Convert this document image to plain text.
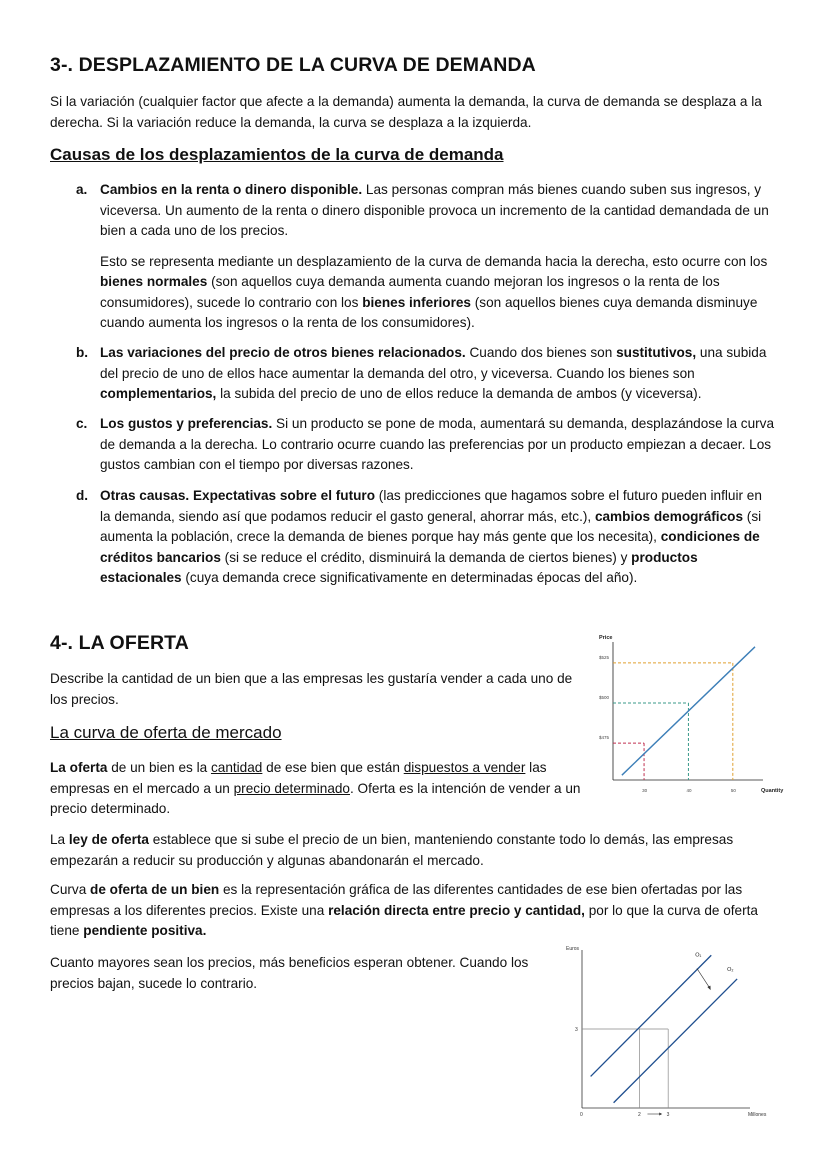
3-. DESPLAZAMIENTO DE LA CURVA DE DEMANDA

Si la variación (cualquier factor que afecte a la demanda) aumenta la demanda, la curva de demanda se desplaza a la derecha. Si la variación reduce la demanda, la curva se desplaza a la izquierda.

Causas de los desplazamientos de la curva de demanda
a. Cambios en la renta o dinero disponible. Las personas compran más bienes cuando suben sus ingresos, y viceversa. Un aumento de la renta o dinero disponible provoca un incremento de la cantidad demandada de un bien a cada uno de los precios.

Esto se representa mediante un desplazamiento de la curva de demanda hacia la derecha, esto ocurre con los bienes normales (son aquellos cuya demanda aumenta cuando mejoran los ingresos o la renta de los consumidores), sucede lo contrario con los bienes inferiores (son aquellos bienes cuya demanda disminuye cuando aumenta los ingresos o la renta de los consumidores).

b. Las variaciones del precio de otros bienes relacionados. Cuando dos bienes son sustitutivos, una subida del precio de uno de ellos hace aumentar la demanda del otro, y viceversa. Cuando los bienes son complementarios, la subida del precio de uno de ellos reduce la demanda de ambos (y viceversa).

c. Los gustos y preferencias. Si un producto se pone de moda, aumentará su demanda, desplazándose la curva de demanda a la derecha. Lo contrario ocurre cuando las preferencias por un producto empiezan a decaer. Los gustos cambian con el tiempo por diversas razones.

d. Otras causas. Expectativas sobre el futuro (las predicciones que hagamos sobre el futuro pueden influir en la demanda, siendo así que podamos reducir el gasto general, ahorrar más, etc.), cambios demográficos (si aumenta la población, crece la demanda de bienes porque hay más gente que los necesita), condiciones de créditos bancarios (si se reduce el crédito, disminuirá la demanda de ciertos bienes) y productos estacionales (cuya demanda crece significativamente en determinadas épocas del año).

4-. LA OFERTA

Describe la cantidad de un bien que a las empresas les gustaría vender a cada uno de los precios.

La curva de oferta de mercado

La oferta de un bien es la cantidad de ese bien que están dispuestos a vender las empresas en el mercado a un precio determinado. Oferta es la intención de vender a un precio determinado.

La ley de oferta establece que si sube el precio de un bien, manteniendo constante todo lo demás, las empresas empezarán a reducir su producción y algunas abandonarán el mercado.

Curva de oferta de un bien es la representación gráfica de las diferentes cantidades de ese bien ofertadas por las empresas a los diferentes precios. Existe una relación directa entre precio y cantidad, por lo que la curva de oferta tiene pendiente positiva.

Cuanto mayores sean los precios, más beneficios esperan obtener. Cuando los precios bajan, sucede lo contrario.

Price
Quantity
$525
$500
$475
30	40	50
Euros
Millones
0
3
2	3
O₁
O₂
